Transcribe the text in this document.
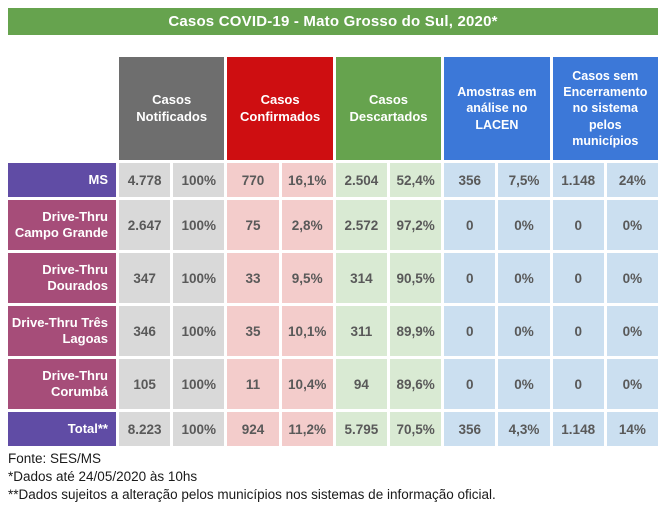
Casos COVID-19 - Mato Grosso do Sul, 2020*
Casos Notificados
Casos Confirmados
Casos Descartados
Amostras em análise no LACEN
Casos sem Encerramento no sistema pelos municípios
MS	4.778	100%	770	16,1%	2.504	52,4%	356	7,5%	1.148	24%
Drive-Thru Campo Grande	2.647	100%	75	2,8%	2.572	97,2%	0	0%	0	0%
Drive-Thru Dourados	347	100%	33	9,5%	314	90,5%	0	0%	0	0%
Drive-Thru Três Lagoas	346	100%	35	10,1%	311	89,9%	0	0%	0	0%
Drive-Thru Corumbá	105	100%	11	10,4%	94	89,6%	0	0%	0	0%
Total**	8.223	100%	924	11,2%	5.795	70,5%	356	4,3%	1.148	14%
Fonte: SES/MS
*Dados até 24/05/2020 às 10hs
**Dados sujeitos a alteração pelos municípios nos sistemas de informação oficial.
